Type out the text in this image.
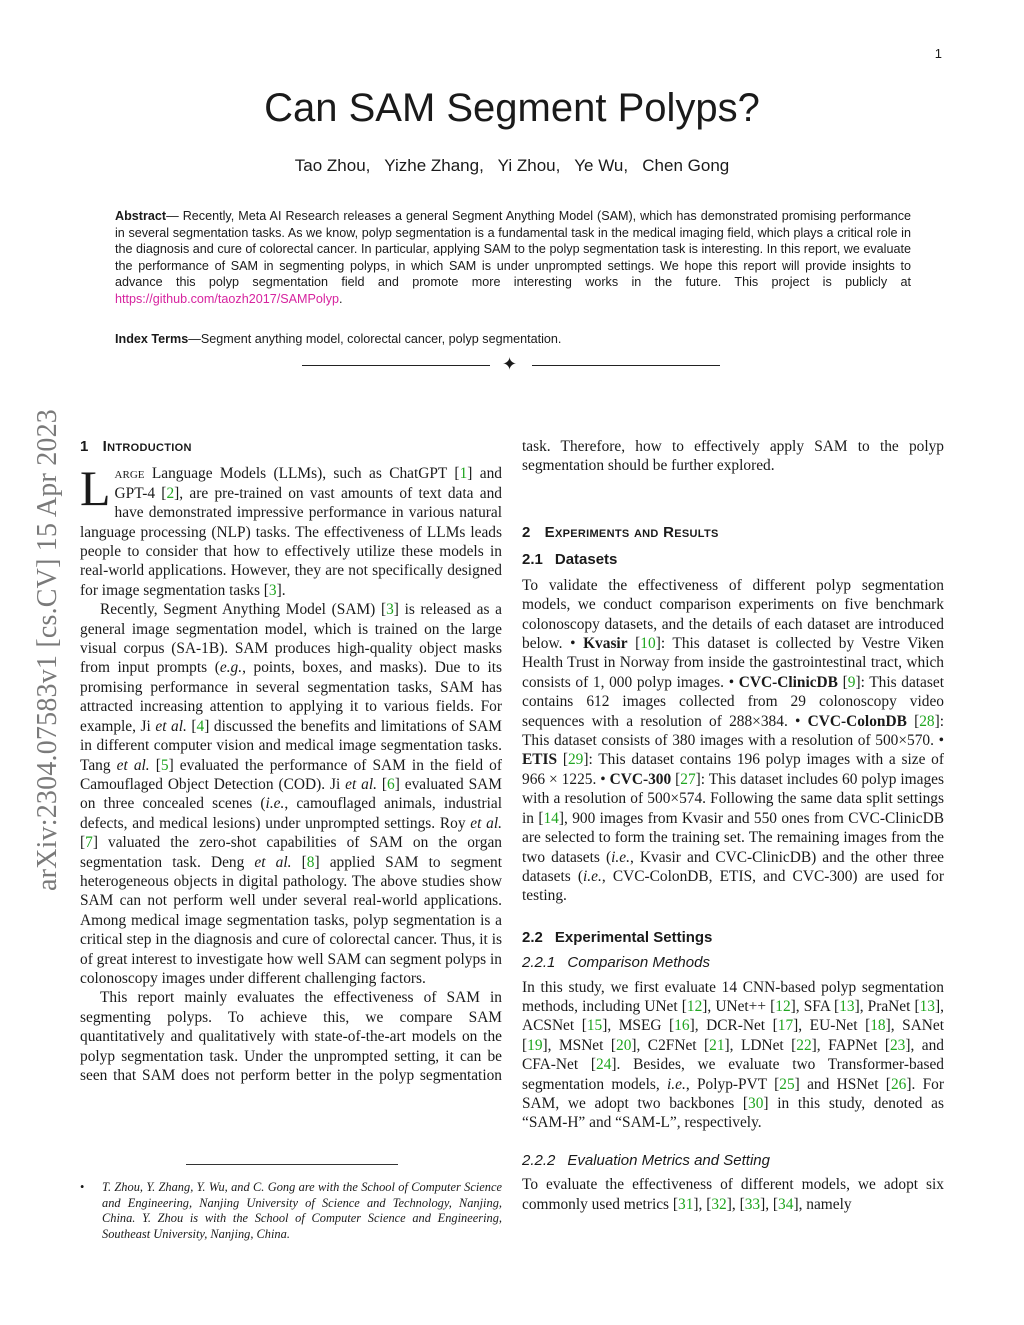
1
Can SAM Segment Polyps?
Tao Zhou, Yizhe Zhang, Yi Zhou, Ye Wu, Chen Gong
Abstract— Recently, Meta AI Research releases a general Segment Anything Model (SAM), which has demonstrated promising performance in several segmentation tasks. As we know, polyp segmentation is a fundamental task in the medical imaging field, which plays a critical role in the diagnosis and cure of colorectal cancer. In particular, applying SAM to the polyp segmentation task is interesting. In this report, we evaluate the performance of SAM in segmenting polyps, in which SAM is under unprompted settings. We hope this report will provide insights to advance this polyp segmentation field and promote more interesting works in the future. This project is publicly at https://github.com/taozh2017/SAMPolyp.
Index Terms—Segment anything model, colorectal cancer, polyp segmentation.
✦
arXiv:2304.07583v1 [cs.CV] 15 Apr 2023 1 Introduction

Large Language Models (LLMs), such as ChatGPT [1] and GPT-4 [2], are pre-trained on vast amounts of text data and have demonstrated impressive performance in various natural language processing (NLP) tasks. The effectiveness of LLMs leads people to consider that how to effectively utilize these models in real-world applications. However, they are not specifically designed for image segmentation tasks [3].

Recently, Segment Anything Model (SAM) [3] is released as a general image segmentation model, which is trained on the large visual corpus (SA-1B). SAM produces high-quality object masks from input prompts (e.g., points, boxes, and masks). Due to its promising performance in several segmentation tasks, SAM has attracted increasing attention to applying it to various fields. For example, Ji et al. [4] discussed the benefits and limitations of SAM in different computer vision and medical image segmentation tasks. Tang et al. [5] evaluated the performance of SAM in the field of Camouflaged Object Detection (COD). Ji et al. [6] evaluated SAM on three concealed scenes (i.e., camouflaged animals, industrial defects, and medical lesions) under unprompted settings. Roy et al. [7] valuated the zero-shot capabilities of SAM on the organ segmentation task. Deng et al. [8] applied SAM to segment heterogeneous objects in digital pathology. The above studies show SAM can not perform well under several real-world applications. Among medical image segmentation tasks, polyp segmentation is a critical step in the diagnosis and cure of colorectal cancer. Thus, it is of great interest to investigate how well SAM can segment polyps in colonoscopy images under different challenging factors.

This report mainly evaluates the effectiveness of SAM in segmenting polyps. To achieve this, we compare SAM quantitatively and qualitatively with state-of-the-art models on the polyp segmentation task. Under the unprompted setting, it can be seen that SAM does not perform better in the polyp segmentation

• T. Zhou, Y. Zhang, Y. Wu, and C. Gong are with the School of Computer Science and Engineering, Nanjing University of Science and Technology, Nanjing, China. Y. Zhou is with the School of Computer Science and Engineering, Southeast University, Nanjing, China.

task. Therefore, how to effectively apply SAM to the polyp segmentation should be further explored.

2 Experiments and Results
2.1 Datasets

To validate the effectiveness of different polyp segmentation models, we conduct comparison experiments on five benchmark colonoscopy datasets, and the details of each dataset are introduced below. • Kvasir [10]: This dataset is collected by Vestre Viken Health Trust in Norway from inside the gastrointestinal tract, which consists of 1, 000 polyp images. • CVC-ClinicDB [9]: This dataset contains 612 images collected from 29 colonoscopy video sequences with a resolution of 288×384. • CVC-ColonDB [28]: This dataset consists of 380 images with a resolution of 500×570. • ETIS [29]: This dataset contains 196 polyp images with a size of 966 × 1225. • CVC-300 [27]: This dataset includes 60 polyp images with a resolution of 500×574. Following the same data split settings in [14], 900 images from Kvasir and 550 ones from CVC-ClinicDB are selected to form the training set. The remaining images from the two datasets (i.e., Kvasir and CVC-ClinicDB) and the other three datasets (i.e., CVC-ColonDB, ETIS, and CVC-300) are used for testing.

2.2 Experimental Settings
2.2.1 Comparison Methods

In this study, we first evaluate 14 CNN-based polyp segmentation methods, including UNet [12], UNet++ [12], SFA [13], PraNet [13], ACSNet [15], MSEG [16], DCR-Net [17], EU-Net [18], SANet [19], MSNet [20], C2FNet [21], LDNet [22], FAPNet [23], and CFA-Net [24]. Besides, we evaluate two Transformer-based segmentation models, i.e., Polyp-PVT [25] and HSNet [26]. For SAM, we adopt two backbones [30] in this study, denoted as “SAM-H” and “SAM-L”, respectively.

2.2.2 Evaluation Metrics and Setting

To evaluate the effectiveness of different models, we adopt six commonly used metrics [31], [32], [33], [34], namely
